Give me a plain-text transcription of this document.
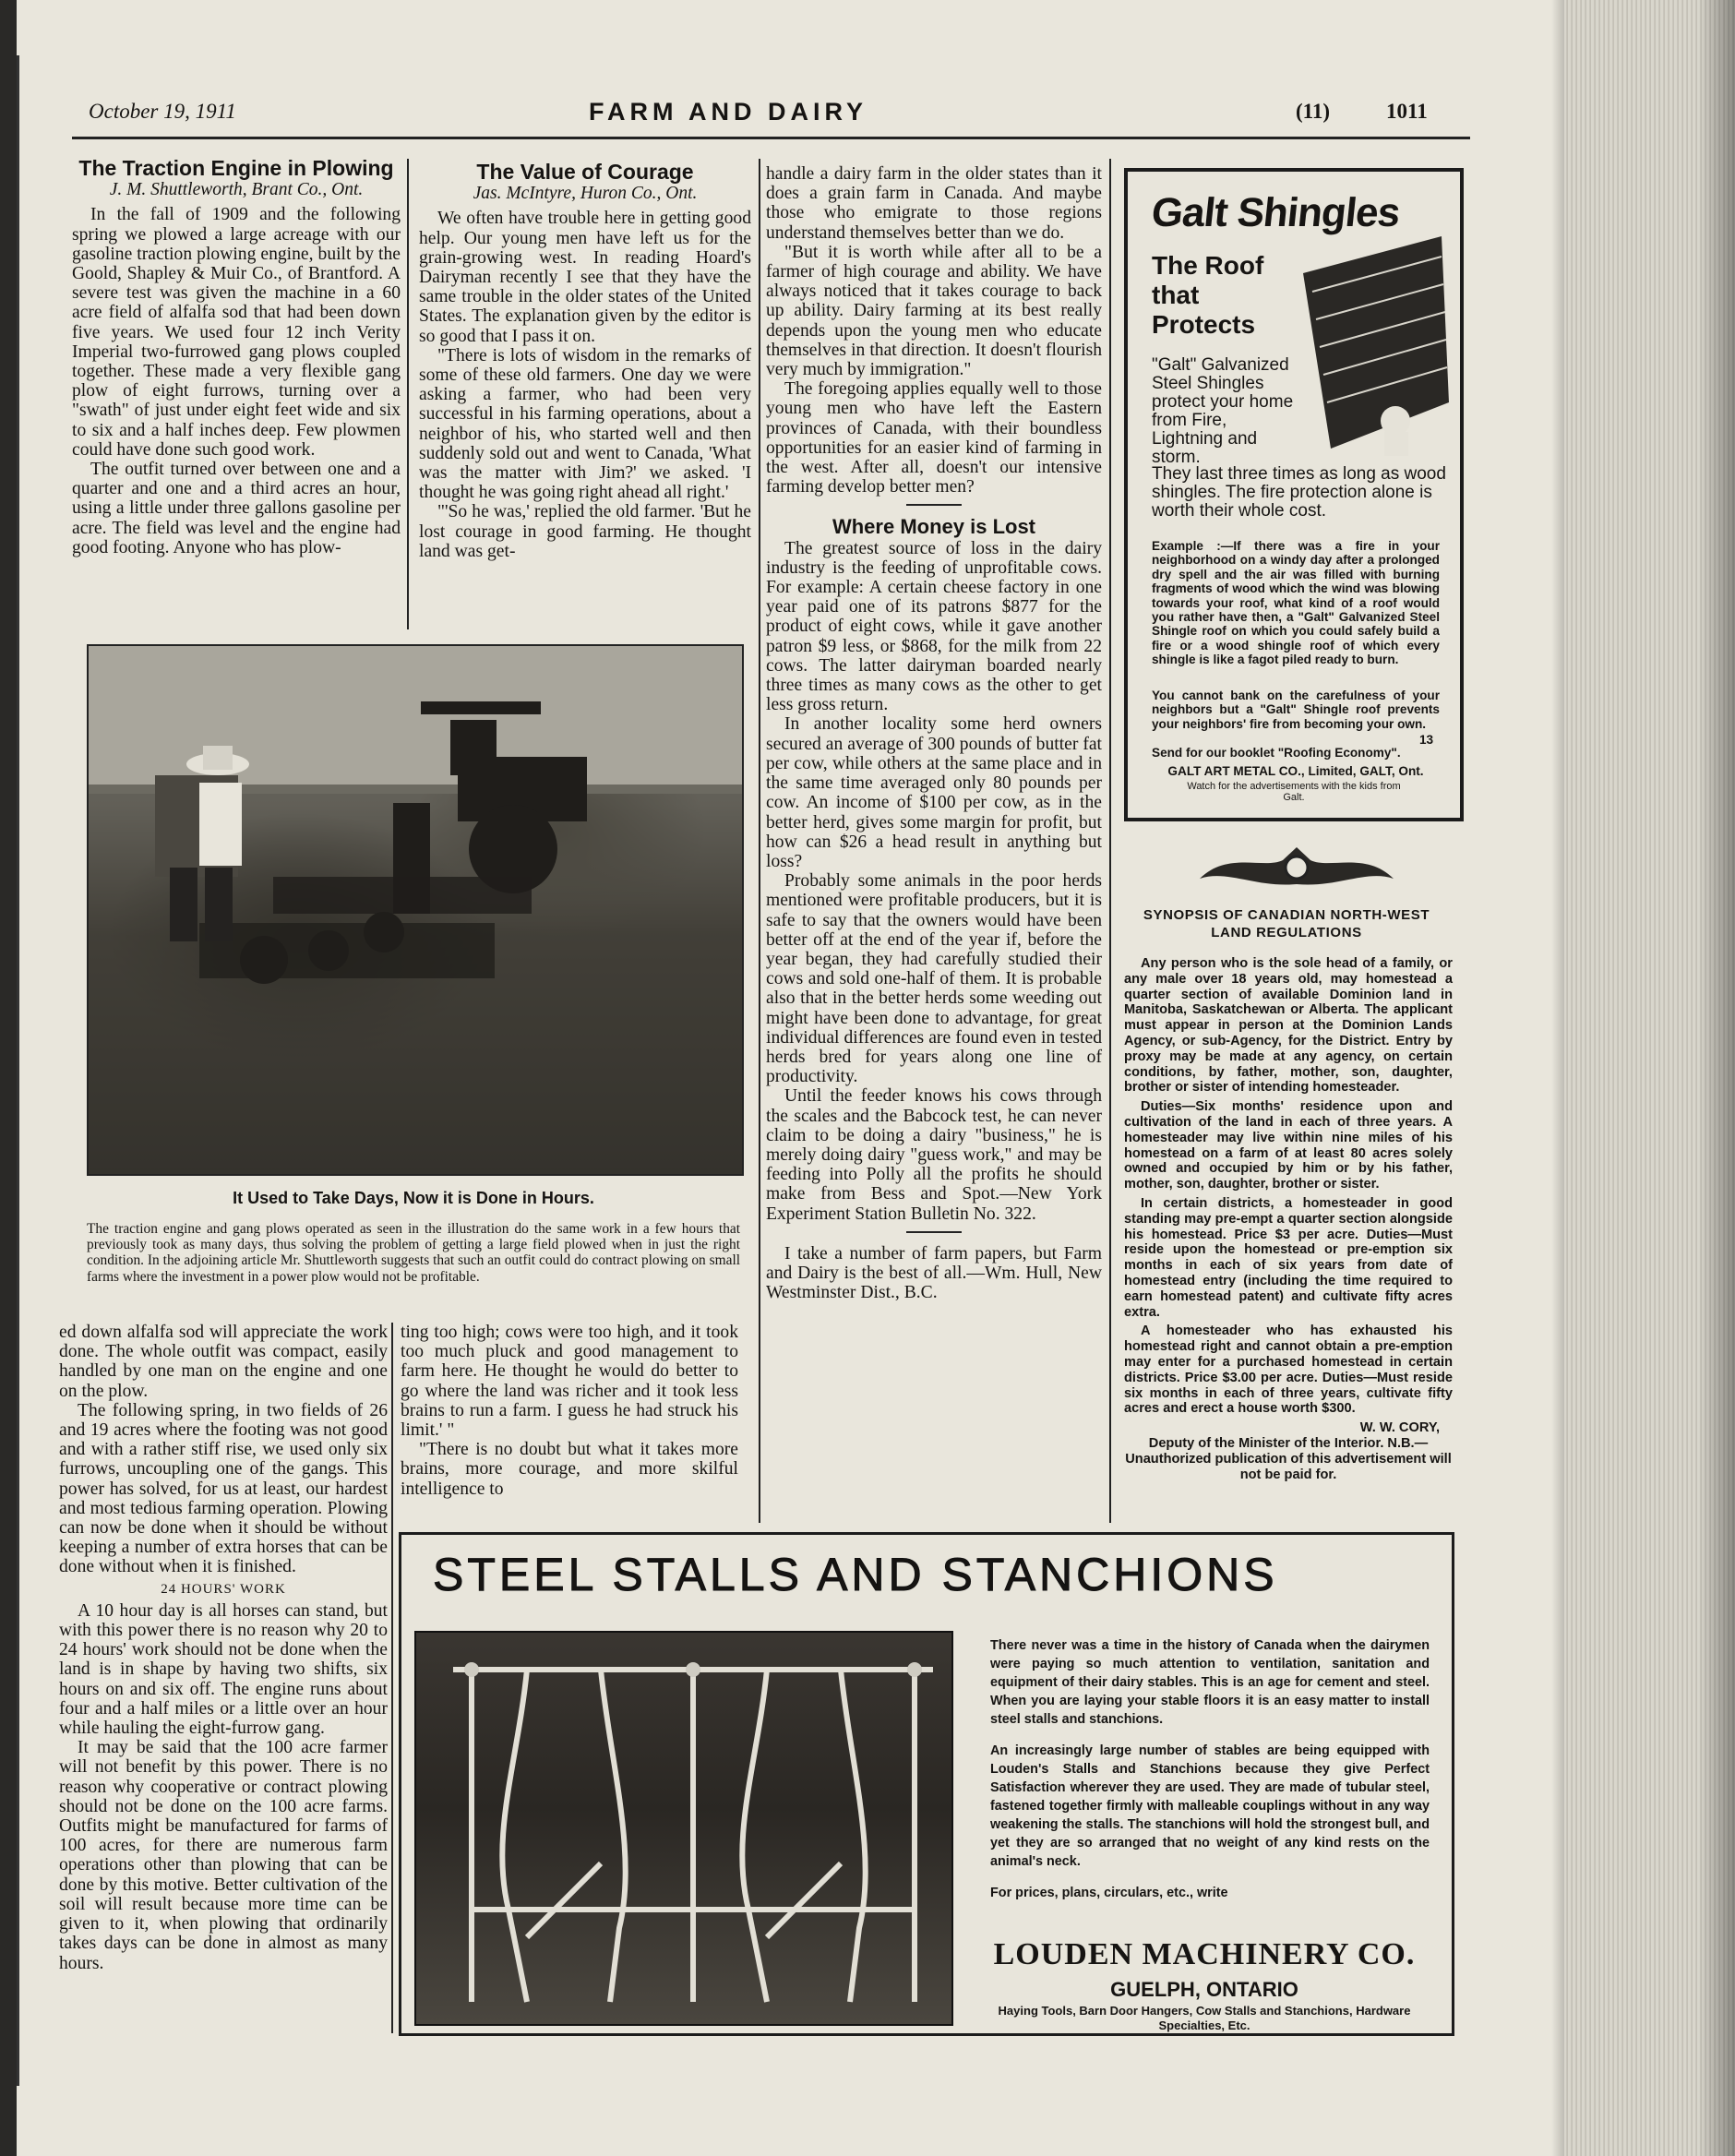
October 19, 1911	FARM AND DAIRY	(11)	1011
The Traction Engine in Plowing
J. M. Shuttleworth, Brant Co., Ont.

In the fall of 1909 and the following spring we plowed a large acreage with our gasoline traction plowing engine, built by the Goold, Shapley & Muir Co., of Brantford. A severe test was given the machine in a 60 acre field of alfalfa sod that had been down five years. We used four 12 inch Verity Imperial two-furrowed gang plows coupled together. These made a very flexible gang plow of eight furrows, turning over a "swath" of just under eight feet wide and six to six and a half inches deep. Few plowmen could have done such good work.

The outfit turned over between one and a quarter and one and a third acres an hour, using a little under three gallons gasoline per acre. The field was level and the engine had good footing. Anyone who has plow-

The Value of Courage
Jas. McIntyre, Huron Co., Ont.

We often have trouble here in getting good help. Our young men have left us for the grain-growing west. In reading Hoard's Dairyman recently I see that they have the same trouble in the older states of the United States. The explanation given by the editor is so good that I pass it on.

"There is lots of wisdom in the remarks of some of these old farmers. One day we were asking a farmer, who had been very successful in his farming operations, about a neighbor of his, who started well and then suddenly sold out and went to Canada, 'What was the matter with Jim?' we asked. 'I thought he was going right ahead all right.'

"'So he was,' replied the old farmer. 'But he lost courage in good farming. He thought land was get-

It Used to Take Days, Now it is Done in Hours.
The traction engine and gang plows operated as seen in the illustration do the same work in a few hours that previously took as many days, thus solving the problem of getting a large field plowed when in just the right condition. In the adjoining article Mr. Shuttleworth suggests that such an outfit could do contract plowing on small farms where the investment in a power plow would not be profitable.

ed down alfalfa sod will appreciate the work done. The whole outfit was compact, easily handled by one man on the engine and one on the plow.

The following spring, in two fields of 26 and 19 acres where the footing was not good and with a rather stiff rise, we used only six furrows, uncoupling one of the gangs. This power has solved, for us at least, our hardest and most tedious farming operation. Plowing can now be done when it should be without keeping a number of extra horses that can be done without when it is finished.

24 HOURS' WORK

A 10 hour day is all horses can stand, but with this power there is no reason why 20 to 24 hours' work should not be done when the land is in shape by having two shifts, six hours on and six off. The engine runs about four and a half miles or a little over an hour while hauling the eight-furrow gang.

It may be said that the 100 acre farmer will not benefit by this power. There is no reason why cooperative or contract plowing should not be done on the 100 acre farms. Outfits might be manufactured for farms of 100 acres, for there are numerous farm operations other than plowing that can be done by this motive. Better cultivation of the soil will result because more time can be given to it, when plowing that ordinarily takes days can be done in almost as many hours.

ting too high; cows were too high, and it took too much pluck and good management to farm here. He thought he would do better to go where the land was richer and it took less brains to run a farm. I guess he had struck his limit.' "

"There is no doubt but what it takes more brains, more courage, and more skilful intelligence to

handle a dairy farm in the older states than it does a grain farm in Canada. And maybe those who emigrate to those regions understand themselves better than we do.

"But it is worth while after all to be a farmer of high courage and ability. We have always noticed that it takes courage to back up ability. Dairy farming at its best really depends upon the young men who educate themselves in that direction. It doesn't flourish very much by immigration."

The foregoing applies equally well to those young men who have left the Eastern provinces of Canada, with their boundless opportunities for an easier kind of farming in the west. After all, doesn't our intensive farming develop better men?

Where Money is Lost

The greatest source of loss in the dairy industry is the feeding of unprofitable cows. For example: A certain cheese factory in one year paid one of its patrons $877 for the product of eight cows, while it gave another patron $9 less, or $868, for the milk from 22 cows. The latter dairyman boarded nearly three times as many cows as the other to get less gross return.

In another locality some herd owners secured an average of 300 pounds of butter fat per cow, while others at the same place and in the same time averaged only 80 pounds per cow. An income of $100 per cow, as in the better herd, gives some margin for profit, but how can $26 a head result in anything but loss?

Probably some animals in the poor herds mentioned were profitable producers, but it is safe to say that the owners would have been better off at the end of the year if, before the year began, they had carefully studied their cows and sold one-half of them. It is probable also that in the better herds some weeding out might have been done to advantage, for great individual differences are found even in tested herds bred for years along one line of productivity.

Until the feeder knows his cows through the scales and the Babcock test, he can never claim to be doing a dairy "business," he is merely doing dairy "guess work," and may be feeding into Polly all the profits he should make from Bess and Spot.—New York Experiment Station Bulletin No. 322.

I take a number of farm papers, but Farm and Dairy is the best of all.—Wm. Hull, New Westminster Dist., B.C.

Galt Shingles
The Roof
that
Protects
"Galt" Galvanized Steel Shingles protect your home from Fire, Lightning and storm.
They last three times as long as wood shingles. The fire protection alone is worth their whole cost.
Example :—If there was a fire in your neighborhood on a windy day after a prolonged dry spell and the air was filled with burning fragments of wood which the wind was blowing towards your roof, what kind of a roof would you rather have then, a "Galt" Galvanized Steel Shingle roof on which you could safely build a fire or a wood shingle roof of which every shingle is like a fagot piled ready to burn.
You cannot bank on the carefulness of your neighbors but a "Galt" Shingle roof prevents your neighbors' fire from becoming your own.
13
Send for our booklet "Roofing Economy".
GALT ART METAL CO., Limited, GALT, Ont.
Watch for the advertisements with the kids from Galt.
SYNOPSIS OF CANADIAN NORTH-WEST LAND REGULATIONS

Any person who is the sole head of a family, or any male over 18 years old, may homestead a quarter section of available Dominion land in Manitoba, Saskatchewan or Alberta. The applicant must appear in person at the Dominion Lands Agency, or sub-Agency, for the District. Entry by proxy may be made at any agency, on certain conditions, by father, mother, son, daughter, brother or sister of intending homesteader.

Duties—Six months' residence upon and cultivation of the land in each of three years. A homesteader may live within nine miles of his homestead on a farm of at least 80 acres solely owned and occupied by him or by his father, mother, son, daughter, brother or sister.

In certain districts, a homesteader in good standing may pre-empt a quarter section alongside his homestead. Price $3 per acre. Duties—Must reside upon the homestead or pre-emption six months in each of six years from date of homestead entry (including the time required to earn homestead patent) and cultivate fifty acres extra.

A homesteader who has exhausted his homestead right and cannot obtain a pre-emption may enter for a purchased homestead in certain districts. Price $3.00 per acre. Duties—Must reside six months in each of three years, cultivate fifty acres and erect a house worth $300.

W. W. CORY,

Deputy of the Minister of the Interior. N.B.—Unauthorized publication of this advertisement will not be paid for.

STEEL STALLS AND STANCHIONS

There never was a time in the history of Canada when the dairymen were paying so much attention to ventilation, sanitation and equipment of their dairy stables. This is an age for cement and steel. When you are laying your stable floors it is an easy matter to install steel stalls and stanchions.

An increasingly large number of stables are being equipped with Louden's Stalls and Stanchions because they give Perfect Satisfaction wherever they are used. They are made of tubular steel, fastened together firmly with malleable couplings without in any way weakening the stalls. The stanchions will hold the strongest bull, and yet they are so arranged that no weight of any kind rests on the animal's neck.

For prices, plans, circulars, etc., write

LOUDEN MACHINERY CO.
GUELPH, ONTARIO
Haying Tools, Barn Door Hangers, Cow Stalls and Stanchions, Hardware Specialties, Etc.
